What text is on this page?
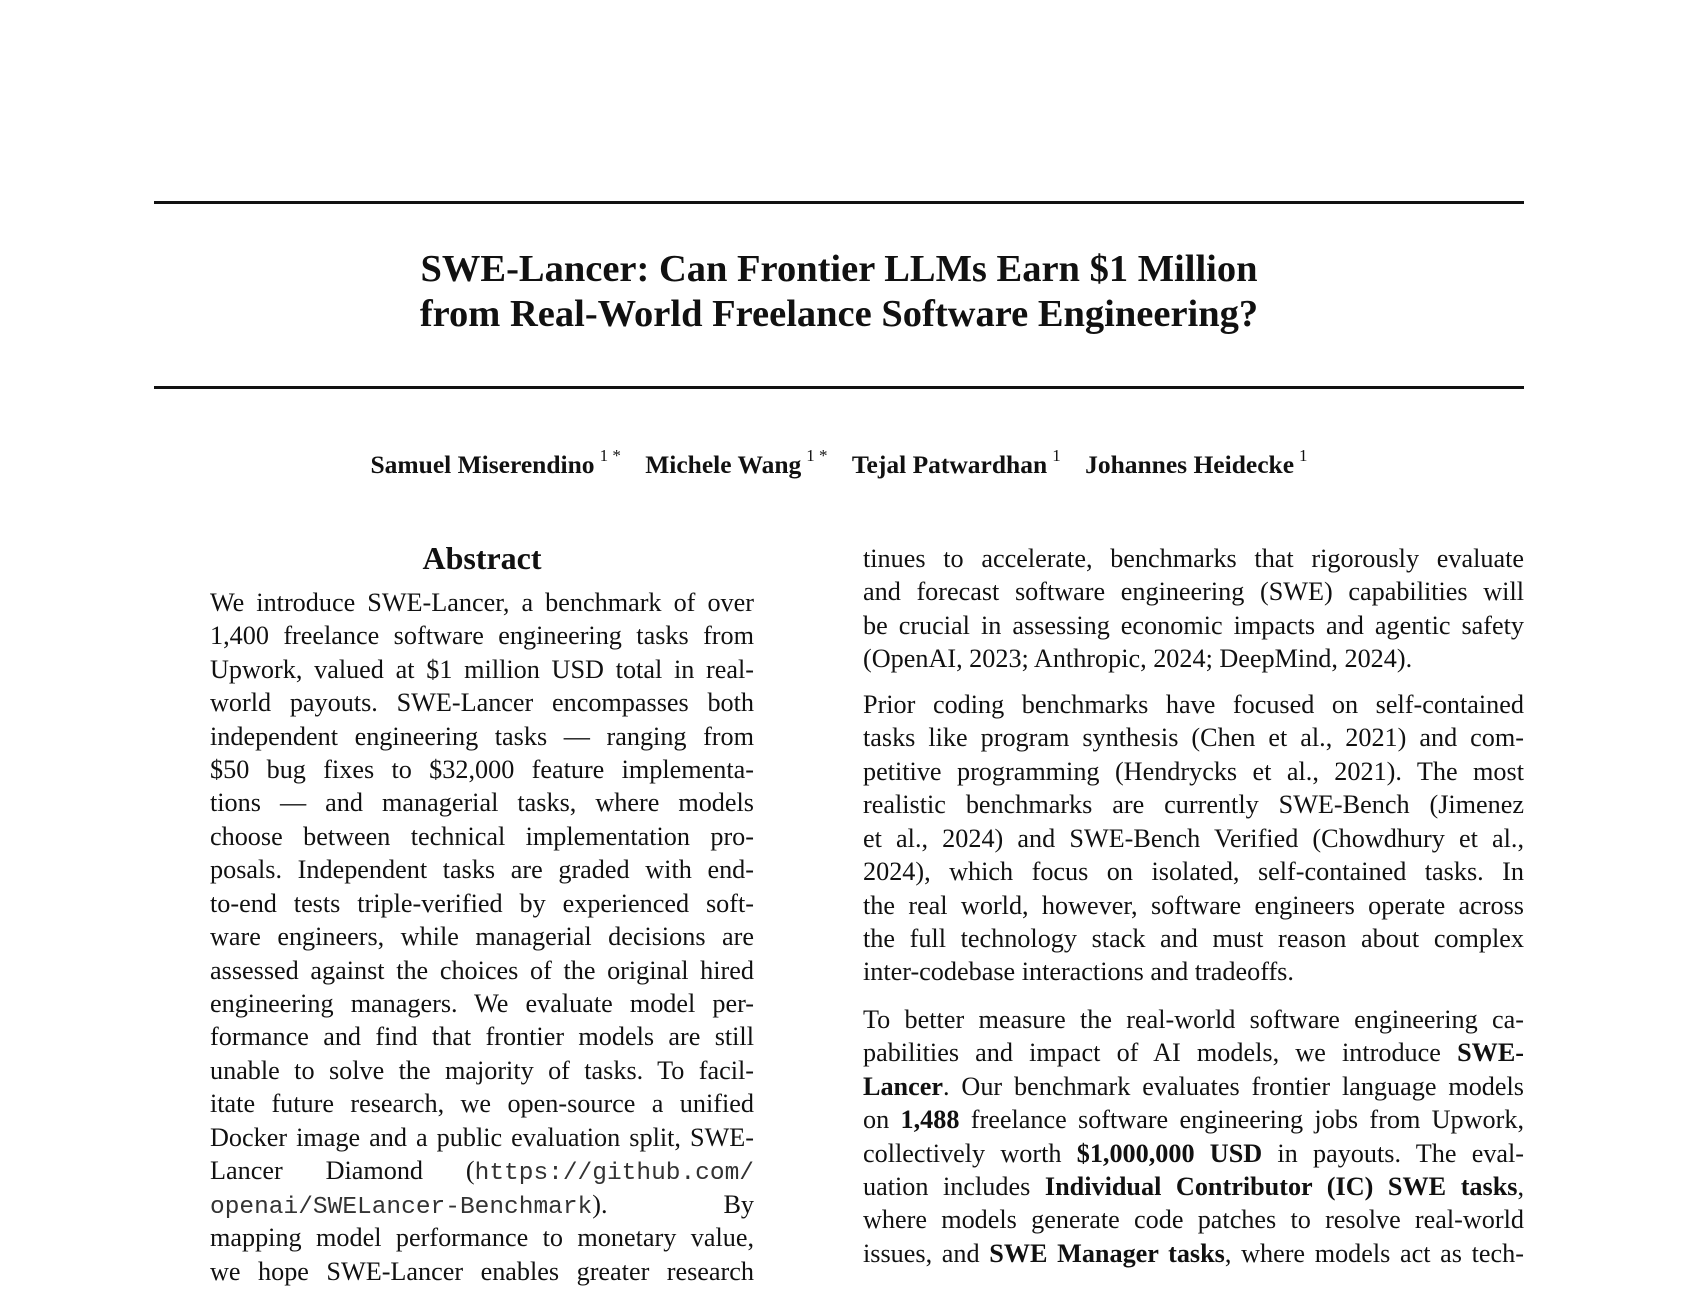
SWE-Lancer: Can Frontier LLMs Earn $1 Million
from Real-World Freelance Software Engineering?
Samuel Miserendino $^{1 *}$ Michele Wang $^{1 *}$ Tejal Patwardhan $^1$ Johannes Heidecke $^1$
Abstract
We introduce SWE-Lancer, a benchmark of over
1,400 freelance software engineering tasks from
Upwork, valued at $1 million USD total in real-
world payouts. SWE-Lancer encompasses both
independent engineering tasks — ranging from
$50 bug fixes to $32,000 feature implementa-
tions — and managerial tasks, where models
choose between technical implementation pro-
posals. Independent tasks are graded with end-
to-end tests triple-verified by experienced soft-
ware engineers, while managerial decisions are
assessed against the choices of the original hired
engineering managers. We evaluate model per-
formance and find that frontier models are still
unable to solve the majority of tasks. To facil-
itate future research, we open-source a unified
Docker image and a public evaluation split, SWE-
Lancer Diamond (https://github.com/
openai/SWELancer-Benchmark).	By
mapping model performance to monetary value,
we hope SWE-Lancer enables greater research
tinues to accelerate, benchmarks that rigorously evaluate
and forecast software engineering (SWE) capabilities will
be crucial in assessing economic impacts and agentic safety
(OpenAI, 2023; Anthropic, 2024; DeepMind, 2024).
Prior coding benchmarks have focused on self-contained
tasks like program synthesis (Chen et al., 2021) and com-
petitive programming (Hendrycks et al., 2021). The most
realistic benchmarks are currently SWE-Bench (Jimenez
et al., 2024) and SWE-Bench Verified (Chowdhury et al.,
2024), which focus on isolated, self-contained tasks. In
the real world, however, software engineers operate across
the full technology stack and must reason about complex
inter-codebase interactions and tradeoffs.
To better measure the real-world software engineering ca-
pabilities and impact of AI models, we introduce SWE-
Lancer. Our benchmark evaluates frontier language models
on 1,488 freelance software engineering jobs from Upwork,
collectively worth $1,000,000 USD in payouts. The eval-
uation includes Individual Contributor (IC) SWE tasks,
where models generate code patches to resolve real-world
issues, and SWE Manager tasks, where models act as tech-
